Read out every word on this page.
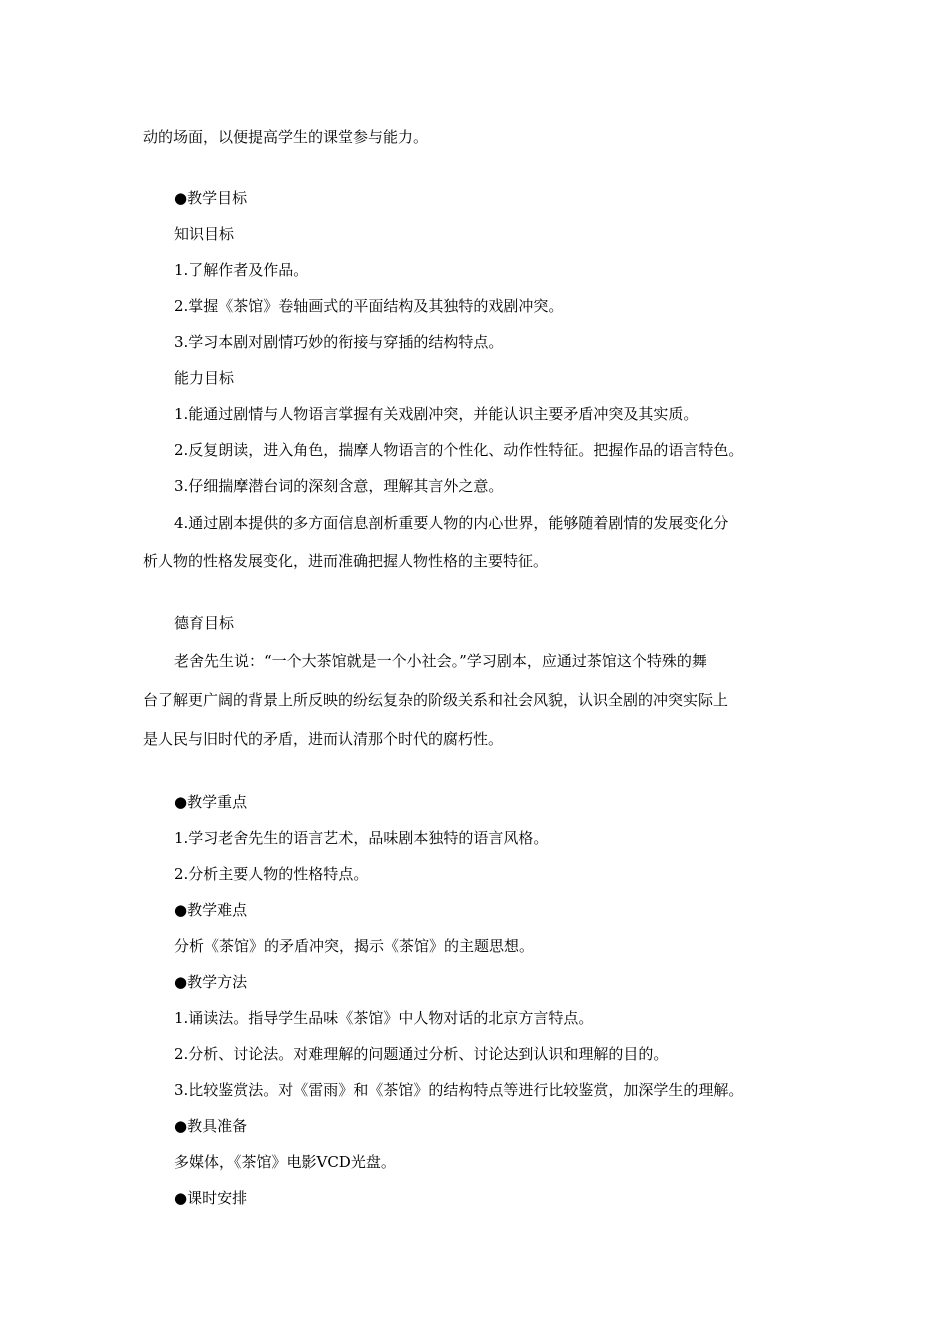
动的场面，以便提高学生的课堂参与能力。
●教学目标
知识目标
1.了解作者及作品。
2.掌握《茶馆》卷轴画式的平面结构及其独特的戏剧冲突。
3.学习本剧对剧情巧妙的衔接与穿插的结构特点。
能力目标
1.能通过剧情与人物语言掌握有关戏剧冲突，并能认识主要矛盾冲突及其实质。
2.反复朗读，进入角色，揣摩人物语言的个性化、动作性特征。把握作品的语言特色。
3.仔细揣摩潜台词的深刻含意，理解其言外之意。
4.通过剧本提供的多方面信息剖析重要人物的内心世界，能够随着剧情的发展变化分
析人物的性格发展变化，进而准确把握人物性格的主要特征。
德育目标
老舍先生说：“一个大茶馆就是一个小社会。”学习剧本，应通过茶馆这个特殊的舞
台了解更广阔的背景上所反映的纷纭复杂的阶级关系和社会风貌，认识全剧的冲突实际上
是人民与旧时代的矛盾，进而认清那个时代的腐朽性。
●教学重点
1.学习老舍先生的语言艺术，品味剧本独特的语言风格。
2.分析主要人物的性格特点。
●教学难点
分析《茶馆》的矛盾冲突，揭示《茶馆》的主题思想。
●教学方法
1.诵读法。指导学生品味《茶馆》中人物对话的北京方言特点。
2.分析、讨论法。对难理解的问题通过分析、讨论达到认识和理解的目的。
3.比较鉴赏法。对《雷雨》和《茶馆》的结构特点等进行比较鉴赏，加深学生的理解。
●教具准备
多媒体，《茶馆》电影VCD光盘。
●课时安排
